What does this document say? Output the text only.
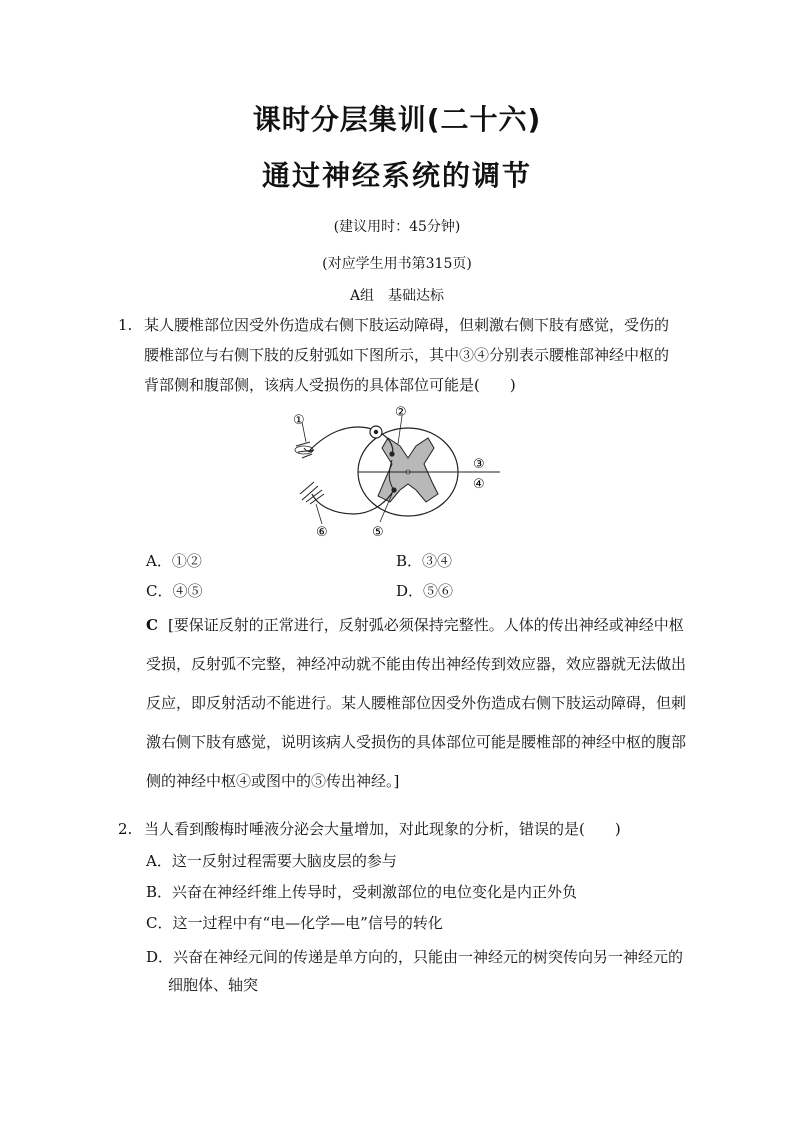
课时分层集训(二十六)
通过神经系统的调节
(建议用时：45分钟)
(对应学生用书第315页)
A组　基础达标
1. 某人腰椎部位因受外伤造成右侧下肢运动障碍，但刺激右侧下肢有感觉，受伤的腰椎部位与右侧下肢的反射弧如下图所示，其中③④分别表示腰椎部神经中枢的背部侧和腹部侧，该病人受损伤的具体部位可能是(　　)
①
②
③
④
⑤
⑥
A．①②	B．③④
C．④⑤	D．⑤⑥
C [要保证反射的正常进行，反射弧必须保持完整性。人体的传出神经或神经中枢受损，反射弧不完整，神经冲动就不能由传出神经传到效应器，效应器就无法做出反应，即反射活动不能进行。某人腰椎部位因受外伤造成右侧下肢运动障碍，但刺激右侧下肢有感觉，说明该病人受损伤的具体部位可能是腰椎部的神经中枢的腹部侧的神经中枢④或图中的⑤传出神经。]
2. 当人看到酸梅时唾液分泌会大量增加，对此现象的分析，错误的是(　　)
A．这一反射过程需要大脑皮层的参与
B．兴奋在神经纤维上传导时，受刺激部位的电位变化是内正外负
C．这一过程中有“电—化学—电”信号的转化
D．兴奋在神经元间的传递是单方向的，只能由一神经元的树突传向另一神经元的细胞体、轴突
